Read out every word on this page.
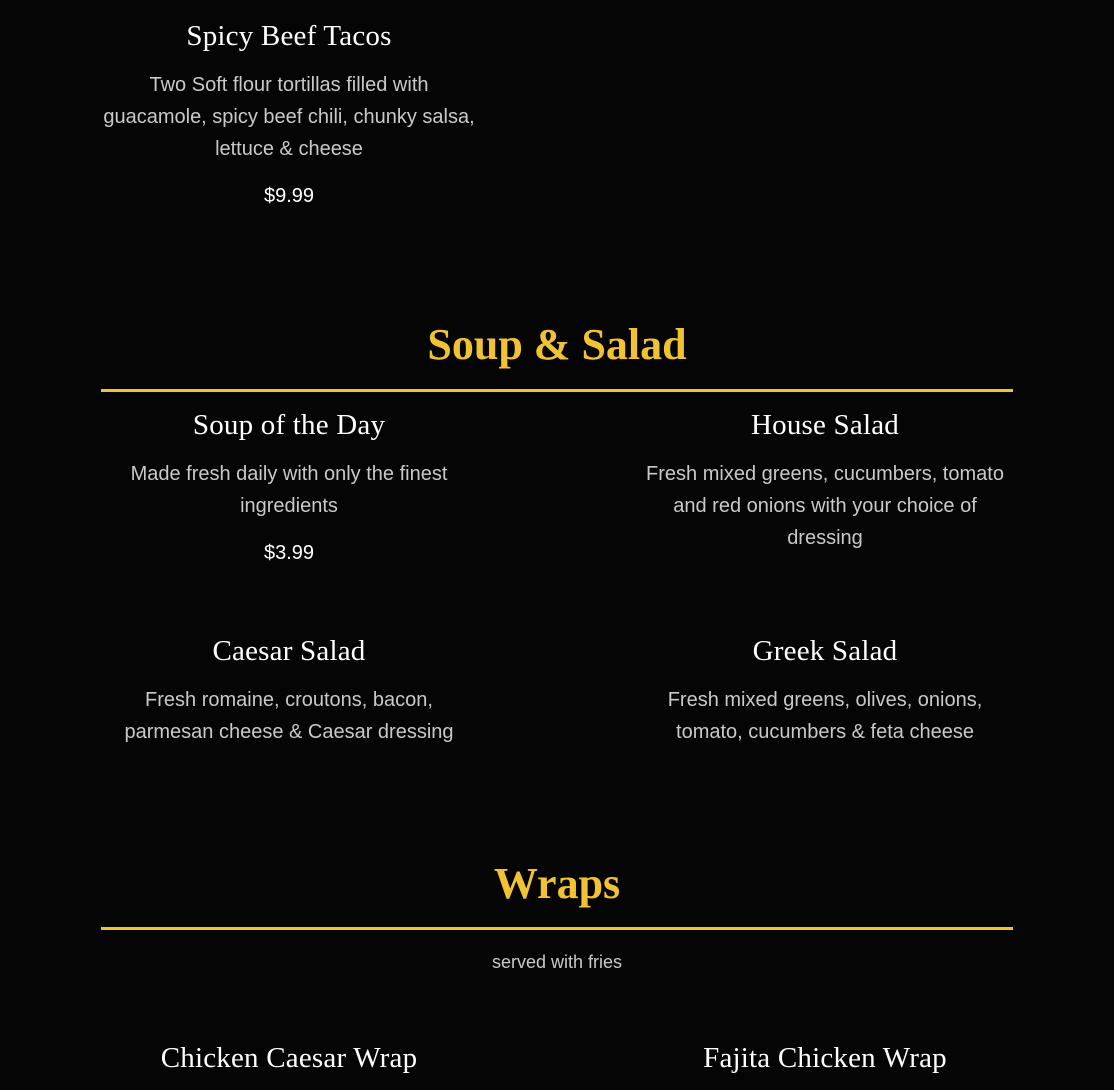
Spicy Beef Tacos
Two Soft flour tortillas filled with guacamole, spicy beef chili, chunky salsa, lettuce & cheese
$9.99
Soup & Salad
Soup of the Day
Made fresh daily with only the finest ingredients
$3.99
House Salad
Fresh mixed greens, cucumbers, tomato and red onions with your choice of dressing
Caesar Salad
Fresh romaine, croutons, bacon, parmesan cheese & Caesar dressing
Greek Salad
Fresh mixed greens, olives, onions, tomato, cucumbers & feta cheese
Wraps
served with fries
Chicken Caesar Wrap	Fajita Chicken Wrap
